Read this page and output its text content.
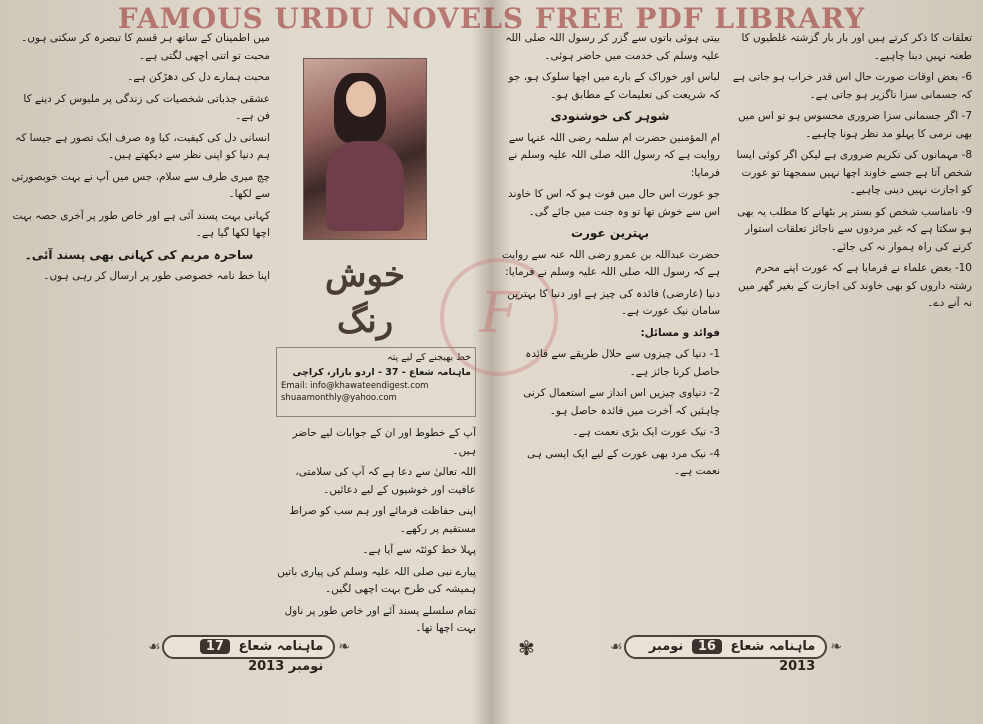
FAMOUS URDU NOVELS FREE PDF LIBRARY

میں اطمینان کے ساتھ ہر قسم کا تبصرہ کر سکتی ہوں۔ محبت تو اتنی اچھی لگتی ہے۔

محبت ہمارے دل کی دھڑکن ہے۔

عشقی جذباتی شخصیات کی زندگی پر ملبوس کر دینے کا فن ہے۔

انسانی دل کی کیفیت، کیا وہ صرف ایک تصور ہے جیسا کہ ہم دنیا کو اپنی نظر سے دیکھتے ہیں۔

چچ میری طرف سے سلام، جس میں آپ نے بہت خوبصورتی سے لکھا۔

کہانی بہت پسند آئی ہے اور خاص طور پر آخری حصہ بہت اچھا لکھا گیا ہے۔

ساحرہ مریم کی کہانی بھی پسند آئی۔

اپنا خط نامہ خصوصی طور پر ارسال کر رہی ہوں۔	خوش رنگ
خط بھیجنے کے لیے پتہ
ماہنامہ شعاع - 37 - اردو بازار، کراچی
Email: info@khawateendigest.com
shuaamonthly@yahoo.com

آپ کے خطوط اور ان کے جوابات لیے حاضر ہیں۔

اللہ تعالیٰ سے دعا ہے کہ آپ کی سلامتی، عافیت اور خوشیوں کے لیے دعائیں۔

اپنی حفاظت فرمائے اور ہم سب کو صراط مستقیم پر رکھے۔

پہلا خط کوئٹہ سے آیا ہے۔

پیارے نبی صلی اللہ علیہ وسلم کی پیاری باتیں ہمیشہ کی طرح بہت اچھی لگیں۔

تمام سلسلے پسند آئے اور خاص طور پر ناول بہت اچھا تھا۔

❧
ماہنامہ شعاع 17 نومبر 2013
☙
F

بیتی ہوئی باتوں سے گزر کر رسول اللہ صلی اللہ علیہ وسلم کی خدمت میں حاضر ہوئی۔

لباس اور خوراک کے بارے میں اچھا سلوک ہو، جو کہ شریعت کی تعلیمات کے مطابق ہو۔

شوہر کی خوشنودی

ام المؤمنین حضرت ام سلمہ رضی اللہ عنہا سے روایت ہے کہ رسول اللہ صلی اللہ علیہ وسلم نے فرمایا:

جو عورت اس حال میں فوت ہو کہ اس کا خاوند اس سے خوش تھا تو وہ جنت میں جائے گی۔

بہترین عورت

حضرت عبداللہ بن عمرو رضی اللہ عنہ سے روایت ہے کہ رسول اللہ صلی اللہ علیہ وسلم نے فرمایا:

دنیا (عارضی) فائدہ کی چیز ہے اور دنیا کا بہترین سامان نیک عورت ہے۔

فوائد و مسائل:

1- دنیا کی چیزوں سے حلال طریقے سے فائدہ حاصل کرنا جائز ہے۔

2- دنیاوی چیزیں اس انداز سے استعمال کرنی چاہئیں کہ آخرت میں فائدہ حاصل ہو۔

3- نیک عورت ایک بڑی نعمت ہے۔

4- نیک مرد بھی عورت کے لیے ایک ایسی ہی نعمت ہے۔

تعلقات کا ذکر کرتے ہیں اور بار بار گزشتہ غلطیوں کا طعنہ نہیں دینا چاہیے۔

6- بعض اوقات صورت حال اس قدر خراب ہو جاتی ہے کہ جسمانی سزا ناگزیر ہو جاتی ہے۔

7- اگر جسمانی سزا ضروری محسوس ہو تو اس میں بھی نرمی کا پہلو مد نظر ہونا چاہیے۔

8- مہمانوں کی تکریم ضروری ہے لیکن اگر کوئی ایسا شخص آتا ہے جسے خاوند اچھا نہیں سمجھتا تو عورت کو اجازت نہیں دینی چاہیے۔

9- نامناسب شخص کو بستر پر بٹھانے کا مطلب یہ بھی ہو سکتا ہے کہ غیر مردوں سے ناجائز تعلقات استوار کرنے کی راہ ہموار نہ کی جائے۔

10- بعض علماء نے فرمایا ہے کہ عورت اپنے محرم رشتہ داروں کو بھی خاوند کی اجازت کے بغیر گھر میں نہ آنے دے۔

❧
ماہنامہ شعاع 16 نومبر 2013
☙
✾
